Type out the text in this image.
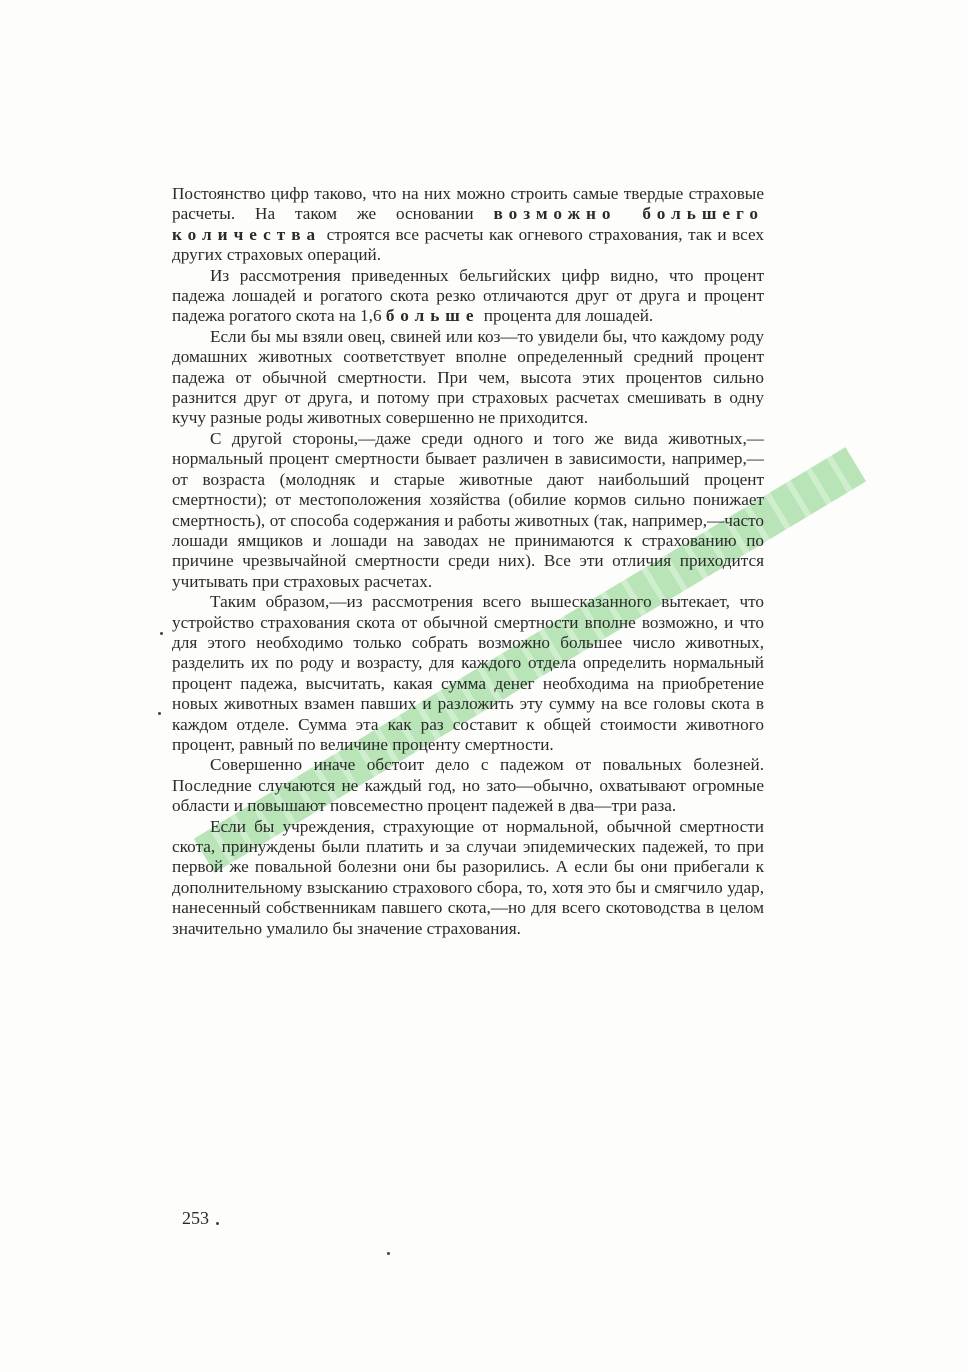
Постоянство цифр таково, что на них можно строить самые твердые страховые расчеты. На таком же основании возможно большего количества строятся все расчеты как огневого страхования, так и всех других страховых операций.

Из рассмотрения приведенных бельгийских цифр видно, что процент падежа лошадей и рогатого скота резко отличаются друг от друга и процент падежа рогатого скота на 1,6 больше процента для лошадей.

Если бы мы взяли овец, свиней или коз—то увидели бы, что каждому роду домашних животных соответствует вполне определенный средний процент падежа от обычной смертности. При чем, высота этих процентов сильно разнится друг от друга, и потому при страховых расчетах смешивать в одну кучу разные роды животных совершенно не приходится.

С другой стороны,—даже среди одного и того же вида животных,—нормальный процент смертности бывает различен в зависимости, например,—от возраста (молодняк и старые животные дают наибольший процент смертности); от местоположения хозяйства (обилие кормов сильно понижает смертность), от способа содержания и работы животных (так, например,—часто лошади ямщиков и лошади на заводах не принимаются к страхованию по причине чрезвычайной смертности среди них). Все эти отличия приходится учитывать при страховых расчетах.

Таким образом,—из рассмотрения всего вышесказанного вытекает, что устройство страхования скота от обычной смертности вполне возможно, и что для этого необходимо только собрать возможно большее число животных, разделить их по роду и возрасту, для каждого отдела определить нормальный процент падежа, высчитать, какая сумма денег необходима на приобретение новых животных взамен павших и разложить эту сумму на все головы скота в каждом отделе. Сумма эта как раз составит к общей стоимости животного процент, равный по величине проценту смертности.

Совершенно иначе обстоит дело с падежом от повальных болезней. Последние случаются не каждый год, но зато—обычно, охватывают огромные области и повышают повсеместно процент падежей в два—три раза.

Если бы учреждения, страхующие от нормальной, обычной смертности скота, принуждены были платить и за случаи эпидемических падежей, то при первой же повальной болезни они бы разорились. А если бы они прибегали к дополнительному взысканию страхового сбора, то, хотя это бы и смягчило удар, нанесенный собственникам павшего скота,—но для всего скотоводства в целом значительно умалило бы значение страхования.

253
